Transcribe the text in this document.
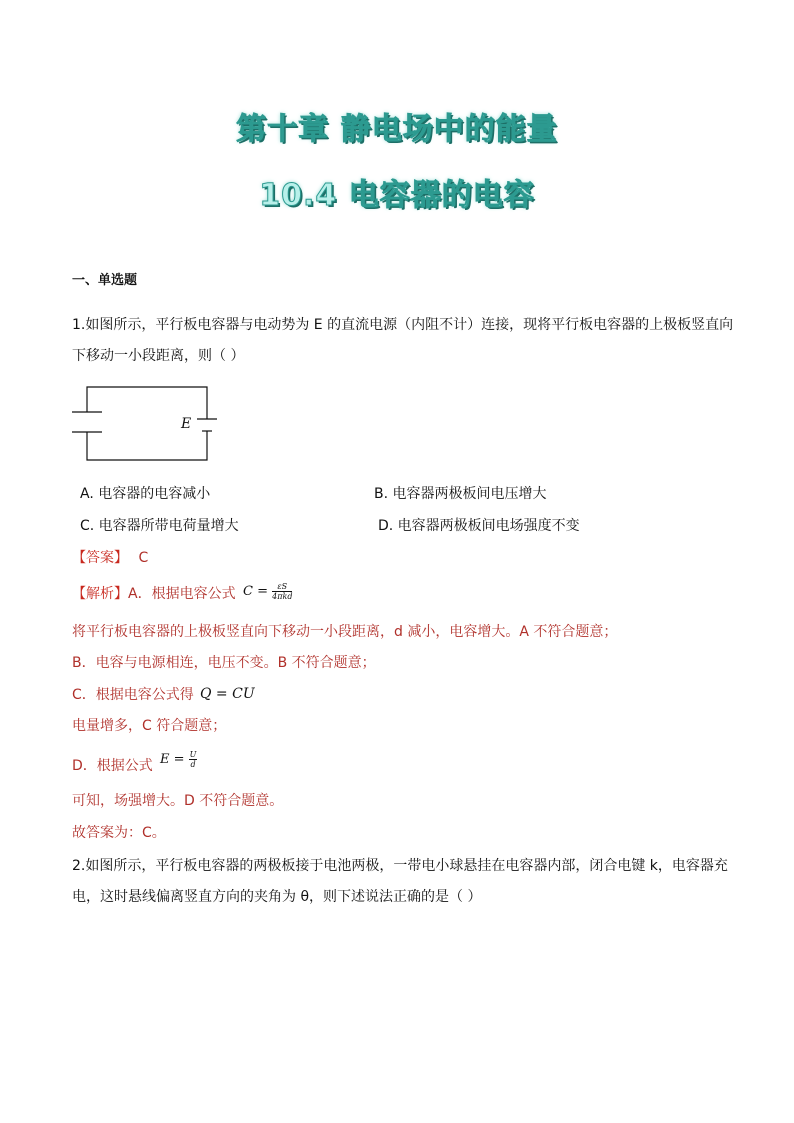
第十章 静电场中的能量
10.4 电容器的电容
一、单选题
1.如图所示，平行板电容器与电动势为 E 的直流电源（内阻不计）连接，现将平行板电容器的上极板竖直向
下移动一小段距离，则（ ）
E
A. 电容器的电容减小	B. 电容器两极板间电压增大
C. 电容器所带电荷量增大	D. 电容器两极板间电场强度不变
【答案】 C
【解析】A．根据电容公式 $C = \frac{\varepsilon S}{\text{4πkd}}$
将平行板电容器的上极板竖直向下移动一小段距离，d 减小，电容增大。A 不符合题意；
B．电容与电源相连，电压不变。B 不符合题意；
C．根据电容公式得 Q = CU
电量增多，C 符合题意；
D．根据公式 $E = \frac{U}{d}$
可知，场强增大。D 不符合题意。
故答案为：C。
2.如图所示，平行板电容器的两极板接于电池两极，一带电小球悬挂在电容器内部，闭合电键 k，电容器充
电，这时悬线偏离竖直方向的夹角为 θ，则下述说法正确的是（ ）
